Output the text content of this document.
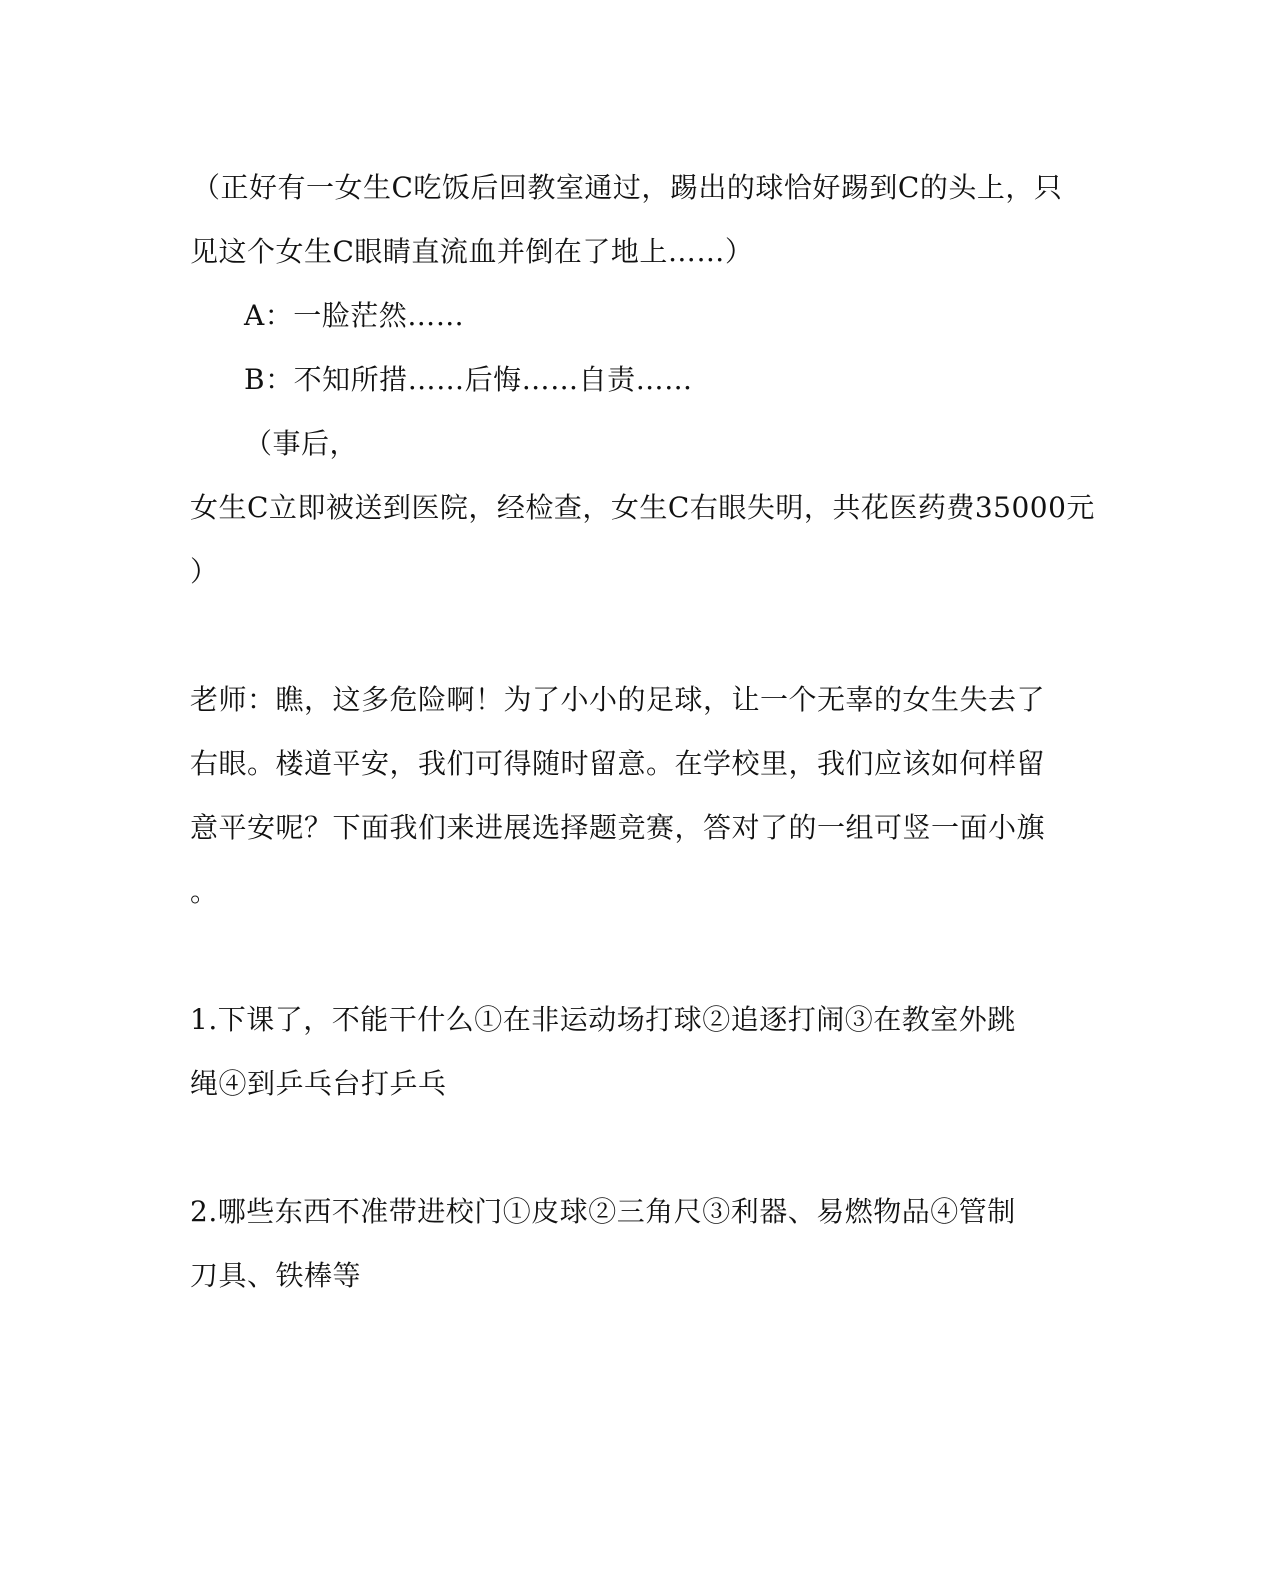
（正好有一女生C吃饭后回教室通过，踢出的球恰好踢到C的头上，只
见这个女生C眼睛直流血并倒在了地上……）
A：一脸茫然……
B：不知所措……后悔……自责……
（事后，
女生C立即被送到医院，经检查，女生C右眼失明，共花医药费35000元
）
老师：瞧，这多危险啊！为了小小的足球，让一个无辜的女生失去了
右眼。楼道平安，我们可得随时留意。在学校里，我们应该如何样留
意平安呢？下面我们来进展选择题竞赛，答对了的一组可竖一面小旗
。
1.下课了，不能干什么①在非运动场打球②追逐打闹③在教室外跳
绳④到乒乓台打乒乓
2.哪些东西不准带进校门①皮球②三角尺③利器、易燃物品④管制
刀具、铁棒等
